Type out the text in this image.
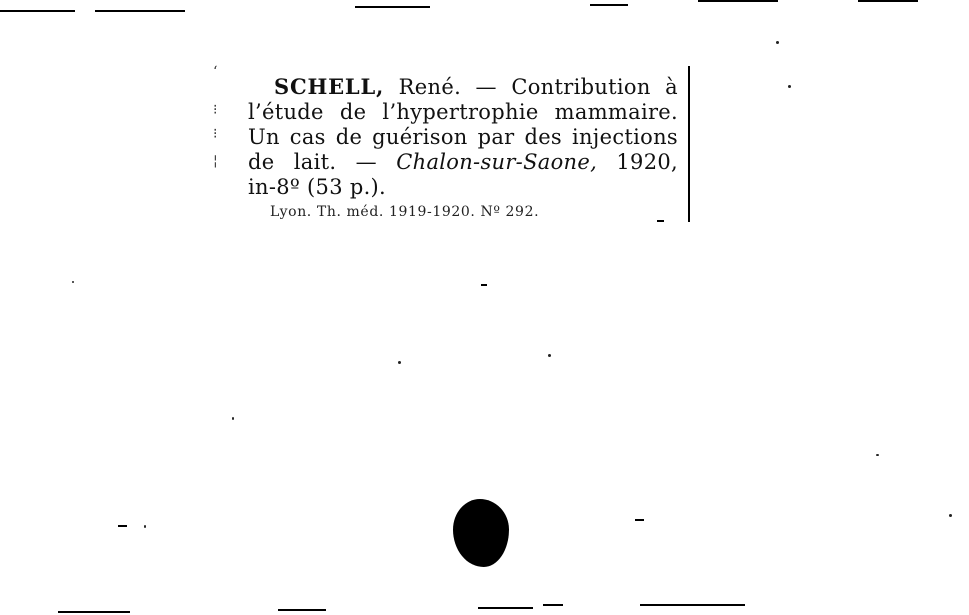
ʻ
⁝
⁝
¦
SCHELL, René. — Contribution à
l’étude de l’hypertrophie mammaire.
Un cas de guérison par des injections
de lait. — Chalon-sur-Saone, 1920,
in-8º (53 p.).
Lyon. Th. méd. 1919-1920. Nº 292.
